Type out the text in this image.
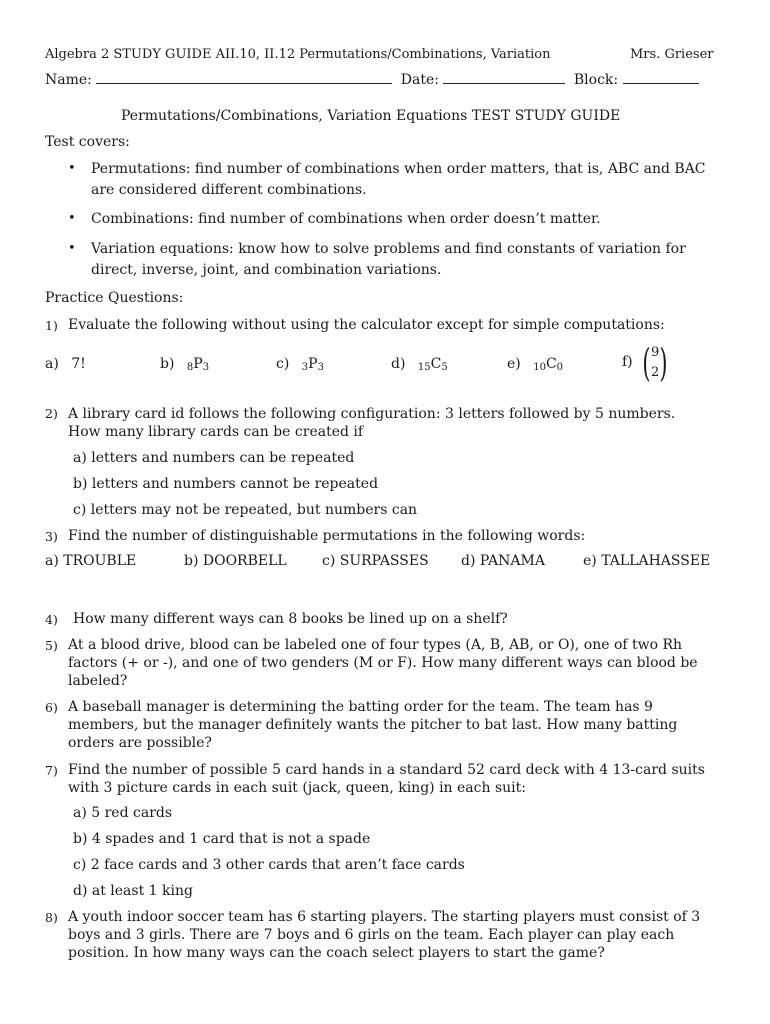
Algebra 2 STUDY GUIDE AII.10, II.12 Permutations/Combinations, Variation	Mrs. Grieser
Name:	Date:	Block:
Permutations/Combinations, Variation Equations TEST STUDY GUIDE
Test covers:
• Permutations: find number of combinations when order matters, that is, ABC and BAC are considered different combinations.
• Combinations: find number of combinations when order doesn’t matter.
• Variation equations: know how to solve problems and find constants of variation for direct, inverse, joint, and combination variations.
Practice Questions:
1) Evaluate the following without using the calculator except for simple computations:
a) 7!	b) $8P_3$	c) $3P_3$	d) $15C_5$	e) $10C_0$	f) ( 9
2 )
2) A library card id follows the following configuration: 3 letters followed by 5 numbers. How many library cards can be created if
a) letters and numbers can be repeated
b) letters and numbers cannot be repeated
c) letters may not be repeated, but numbers can
3) Find the number of distinguishable permutations in the following words:
a) TROUBLE	b) DOORBELL	c) SURPASSES d) PANAMA	e) TALLAHASSEE
4) How many different ways can 8 books be lined up on a shelf?
5) At a blood drive, blood can be labeled one of four types (A, B, AB, or O), one of two Rh factors (+ or -), and one of two genders (M or F). How many different ways can blood be labeled?
6) A baseball manager is determining the batting order for the team. The team has 9 members, but the manager definitely wants the pitcher to bat last. How many batting orders are possible?
7) Find the number of possible 5 card hands in a standard 52 card deck with 4 13-card suits with 3 picture cards in each suit (jack, queen, king) in each suit:
a) 5 red cards
b) 4 spades and 1 card that is not a spade
c) 2 face cards and 3 other cards that aren’t face cards
d) at least 1 king
8) A youth indoor soccer team has 6 starting players. The starting players must consist of 3 boys and 3 girls. There are 7 boys and 6 girls on the team. Each player can play each position. In how many ways can the coach select players to start the game?
